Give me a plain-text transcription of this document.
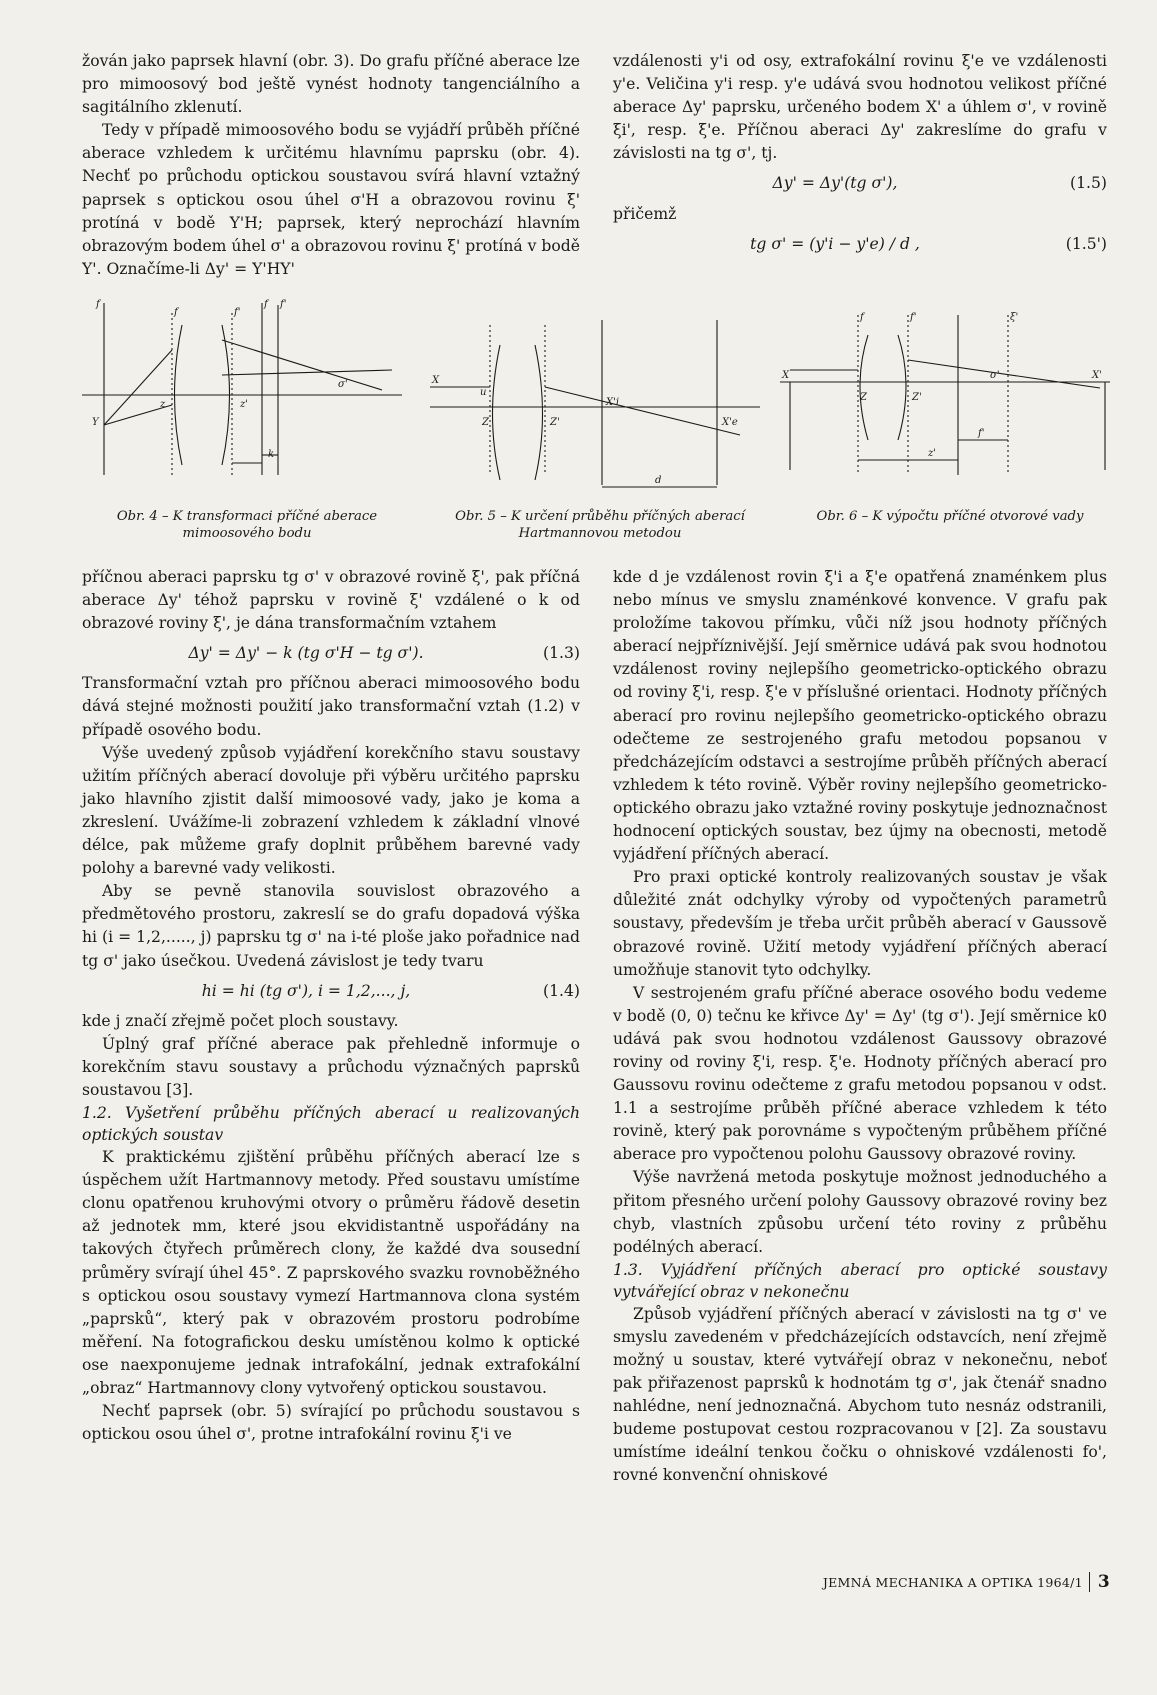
žován jako paprsek hlavní (obr. 3). Do grafu příčné aberace lze pro mimoosový bod ještě vynést hodnoty tangenciálního a sagitálního zklenutí.

Tedy v případě mimoosového bodu se vyjádří průběh příčné aberace vzhledem k určitému hlavnímu paprsku (obr. 4). Nechť po průchodu optickou soustavou svírá hlavní vztažný paprsek s optickou osou úhel σ'H a obrazovou rovinu ξ' protíná v bodě Y'H; paprsek, který neprochází hlavním obrazovým bodem úhel σ' a obrazovou rovinu ξ' protíná v bodě Y'. Označíme-li Δy' = Y'HY'

vzdálenosti y'i od osy, extrafokální rovinu ξ'e ve vzdálenosti y'e. Veličina y'i resp. y'e udává svou hodnotou velikost příčné aberace Δy' paprsku, určeného bodem X' a úhlem σ', v rovině ξi', resp. ξ'e. Příčnou aberaci Δy' zakreslíme do grafu v závislosti na tg σ', tj.

Δy' = Δy'(tg σ'),	(1.5)

přičemž

tg σ' = (y'i − y'e) / d ,	(1.5')
f
f	f'
f f'
Y
z	z'
k
σ'
Obr. 4 – K transformaci příčné aberace mimoosového bodu
X
u
Z	Z'
X'i
X'e
d
Obr. 5 – K určení průběhu příčných aberací Hartmannovou metodou
X
f	f'	ξ'
Z	Z'
z'
f'
σ'	X'
Obr. 6 – K výpočtu příčné otvorové vady

příčnou aberaci paprsku tg σ' v obrazové rovině ξ', pak příčná aberace Δy' téhož paprsku v rovině ξ' vzdálené o k od obrazové roviny ξ', je dána transformačním vztahem

Δy' = Δy' − k (tg σ'H − tg σ').	(1.3)

Transformační vztah pro příčnou aberaci mimoosového bodu dává stejné možnosti použití jako transformační vztah (1.2) v případě osového bodu.

Výše uvedený způsob vyjádření korekčního stavu soustavy užitím příčných aberací dovoluje při výběru určitého paprsku jako hlavního zjistit další mimoosové vady, jako je koma a zkreslení. Uvážíme-li zobrazení vzhledem k základní vlnové délce, pak můžeme grafy doplnit průběhem barevné vady polohy a barevné vady velikosti.

Aby se pevně stanovila souvislost obrazového a předmětového prostoru, zakreslí se do grafu dopadová výška hi (i = 1,2,....., j) paprsku tg σ' na i-té ploše jako pořadnice nad tg σ' jako úsečkou. Uvedená závislost je tedy tvaru

hi = hi (tg σ'), i = 1,2,..., j,	(1.4)

kde j značí zřejmě počet ploch soustavy.

Úplný graf příčné aberace pak přehledně informuje o korekčním stavu soustavy a průchodu význačných paprsků soustavou [3].

1.2. Vyšetření průběhu příčných aberací u realizovaných optických soustav

K praktickému zjištění průběhu příčných aberací lze s úspěchem užít Hartmannovy metody. Před soustavu umístíme clonu opatřenou kruhovými otvory o průměru řádově desetin až jednotek mm, které jsou ekvidistantně uspořádány na takových čtyřech průměrech clony, že každé dva sousední průměry svírají úhel 45°. Z paprskového svazku rovnoběžného s optickou osou soustavy vymezí Hartmannova clona systém „paprsků“, který pak v obrazovém prostoru podrobíme měření. Na fotografickou desku umístěnou kolmo k optické ose naexponujeme jednak intrafokální, jednak extrafokální „obraz“ Hartmannovy clony vytvořený optickou soustavou.

Nechť paprsek (obr. 5) svírající po průchodu soustavou s optickou osou úhel σ', protne intrafokální rovinu ξ'i ve

kde d je vzdálenost rovin ξ'i a ξ'e opatřená znaménkem plus nebo mínus ve smyslu znaménkové konvence. V grafu pak proložíme takovou přímku, vůči níž jsou hodnoty příčných aberací nejpříznivější. Její směrnice udává pak svou hodnotou vzdálenost roviny nejlepšího geometricko-optického obrazu od roviny ξ'i, resp. ξ'e v příslušné orientaci. Hodnoty příčných aberací pro rovinu nejlepšího geometricko-optického obrazu odečteme ze sestrojeného grafu metodou popsanou v předcházejícím odstavci a sestrojíme průběh příčných aberací vzhledem k této rovině. Výběr roviny nejlepšího geometricko-optického obrazu jako vztažné roviny poskytuje jednoznačnost hodnocení optických soustav, bez újmy na obecnosti, metodě vyjádření příčných aberací.

Pro praxi optické kontroly realizovaných soustav je však důležité znát odchylky výroby od vypočtených parametrů soustavy, především je třeba určit průběh aberací v Gaussově obrazové rovině. Užití metody vyjádření příčných aberací umožňuje stanovit tyto odchylky.

V sestrojeném grafu příčné aberace osového bodu vedeme v bodě (0, 0) tečnu ke křivce Δy' = Δy' (tg σ'). Její směrnice k0 udává pak svou hodnotou vzdálenost Gaussovy obrazové roviny od roviny ξ'i, resp. ξ'e. Hodnoty příčných aberací pro Gaussovu rovinu odečteme z grafu metodou popsanou v odst. 1.1 a sestrojíme průběh příčné aberace vzhledem k této rovině, který pak porovnáme s vypočteným průběhem příčné aberace pro vypočtenou polohu Gaussovy obrazové roviny.

Výše navržená metoda poskytuje možnost jednoduchého a přitom přesného určení polohy Gaussovy obrazové roviny bez chyb, vlastních způsobu určení této roviny z průběhu podélných aberací.

1.3. Vyjádření příčných aberací pro optické soustavy vytvářející obraz v nekonečnu

Způsob vyjádření příčných aberací v závislosti na tg σ' ve smyslu zavedeném v předcházejících odstavcích, není zřejmě možný u soustav, které vytvářejí obraz v nekonečnu, neboť pak přiřazenost paprsků k hodnotám tg σ', jak čtenář snadno nahlédne, není jednoznačná. Abychom tuto nesnáz odstranili, budeme postupovat cestou rozpracovanou v [2]. Za soustavu umístíme ideální tenkou čočku o ohniskové vzdálenosti fo', rovné konvenční ohniskové

JEMNÁ MECHANIKA A OPTIKA 1964/1 3
